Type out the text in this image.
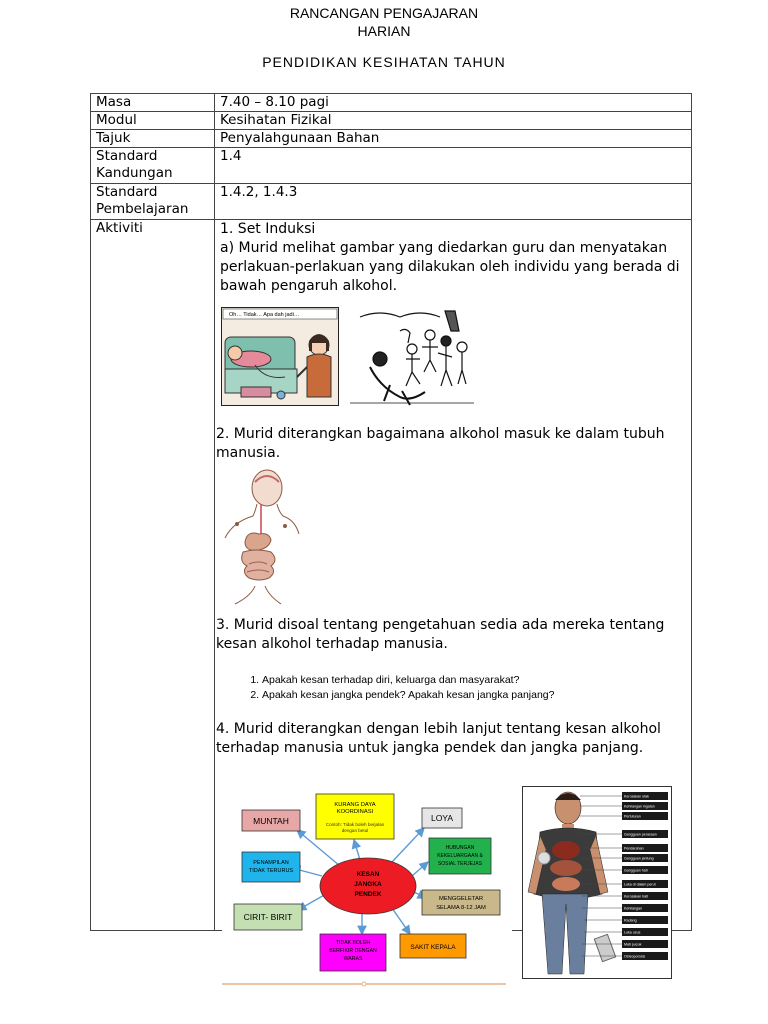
RANCANGAN PENGAJARAN
HARIAN
PENDIDIKAN KESIHATAN TAHUN
Masa	7.40 – 8.10 pagi
Modul	Kesihatan Fizikal
Tajuk	Penyalahgunaan Bahan
Standard Kandungan	1.4
Standard Pembelajaran	1.4.2, 1.4.3
Aktiviti	1. Set Induksi

a) Murid melihat gambar yang diedarkan guru dan menyatakan perlakuan-perlakuan yang dilakukan oleh individu yang berada di bawah pengaruh alkohol.

Oh… Tidak… Apa dah jadi…

2. Murid diterangkan bagaimana alkohol masuk ke dalam tubuh manusia.

3. Murid disoal tentang pengetahuan sedia ada mereka tentang kesan alkohol terhadap manusia.

1. Apakah kesan terhadap diri, keluarga dan masyarakat?
2. Apakah kesan jangka pendek? Apakah kesan jangka panjang?

4. Murid diterangkan dengan lebih lanjut tentang kesan alkohol terhadap manusia untuk jangka pendek dan jangka panjang.

MUNTAH
KURANG DAYA
KOORDINASI
Contoh: Tidak boleh berjalan
dengan betul
LOYA
PENAMPILAN
TIDAK TERURUS
HUBUNGAN
KEKELUARGAAN &
SOSIAL TERJEJAS
KESAN
JANGKA
PENDEK
CIRIT- BIRIT
MENGGELETAR
SELAMA 8-12 JAM
TIDAK BOLEH
BERFIKIR DENGAN
WARAS
SAKIT KEPALA
Kerosakan otak
Kehilangan ingatan
Pertuturan
Gangguan perasaan
Pendarahan
Gangguan jantung
Gangguan hati
Luka di dalam perut
Kerosakan hati
Kehilangan
Radang
Luka usus
Mati pucuk
Osteoporosis
